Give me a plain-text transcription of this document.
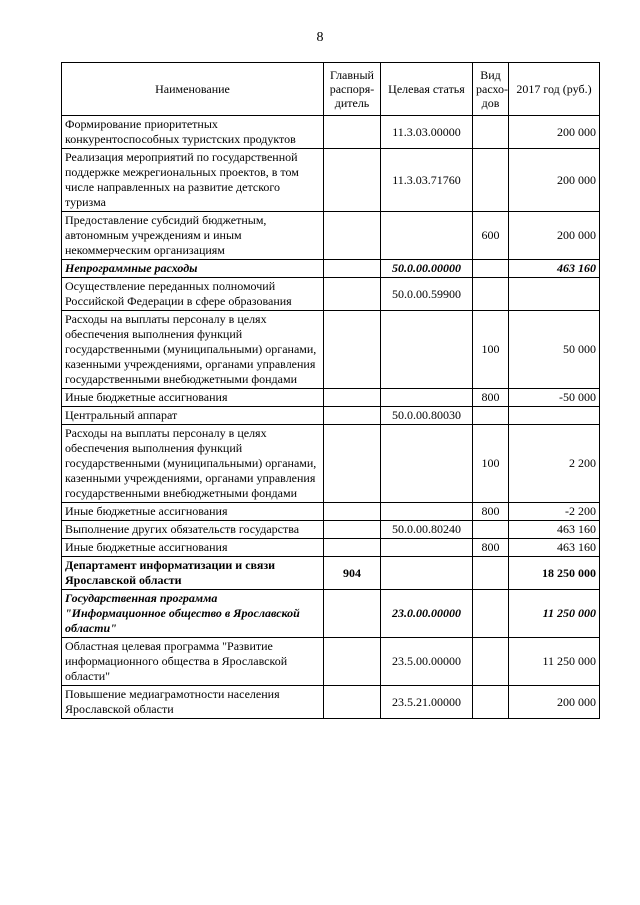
8
Наименование	Главный распоря-дитель	Целевая статья	Вид расхо-дов	2017 год (руб.)
Формирование приоритетных конкурентоспособных туристских продуктов		11.3.03.00000		200 000
Реализация мероприятий по государственной поддержке межрегиональных проектов, в том числе направленных на развитие детского туризма		11.3.03.71760		200 000
Предоставление субсидий бюджетным, автономным учреждениям и иным некоммерческим организациям			600	200 000
Непрограммные расходы		50.0.00.00000		463 160
Осуществление переданных полномочий Российской Федерации в сфере образования		50.0.00.59900		
Расходы на выплаты персоналу в целях обеспечения выполнения функций государственными (муниципальными) органами, казенными учреждениями, органами управления государственными внебюджетными фондами			100	50 000
Иные бюджетные ассигнования			800	-50 000
Центральный аппарат		50.0.00.80030		
Расходы на выплаты персоналу в целях обеспечения выполнения функций государственными (муниципальными) органами, казенными учреждениями, органами управления государственными внебюджетными фондами			100	2 200
Иные бюджетные ассигнования			800	-2 200
Выполнение других обязательств государства		50.0.00.80240		463 160
Иные бюджетные ассигнования			800	463 160
Департамент информатизации и связи Ярославской области	904			18 250 000
Государственная программа "Информационное общество в Ярославской области"		23.0.00.00000		11 250 000
Областная целевая программа "Развитие информационного общества в Ярославской области"		23.5.00.00000		11 250 000
Повышение медиаграмотности населения Ярославской области		23.5.21.00000		200 000
